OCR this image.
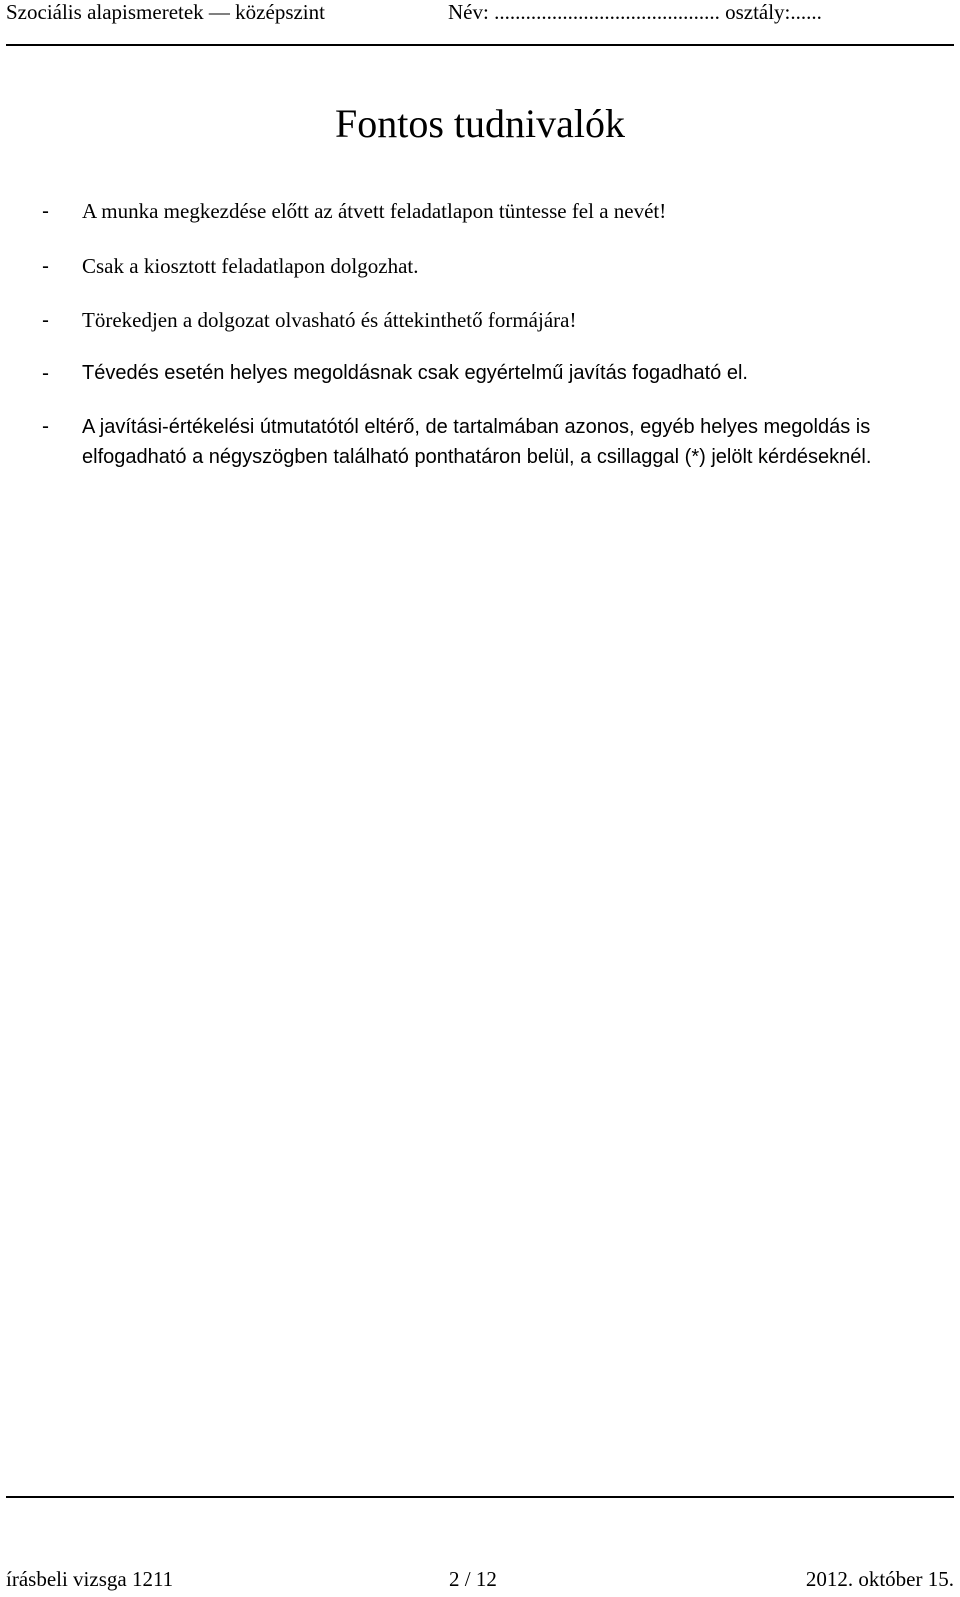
Szociális alapismeretek — középszint	Név: ........................................... osztály:......
Fontos tudnivalók
- A munka megkezdése előtt az átvett feladatlapon tüntesse fel a nevét!
- Csak a kiosztott feladatlapon dolgozhat.
- Törekedjen a dolgozat olvasható és áttekinthető formájára!
- Tévedés esetén helyes megoldásnak csak egyértelmű javítás fogadható el.
- A javítási-értékelési útmutatótól eltérő, de tartalmában azonos, egyéb helyes megoldás is elfogadható a négyszögben található ponthatáron belül, a csillaggal (*) jelölt kérdéseknél.
írásbeli vizsga 1211	2 / 12	2012. október 15.
